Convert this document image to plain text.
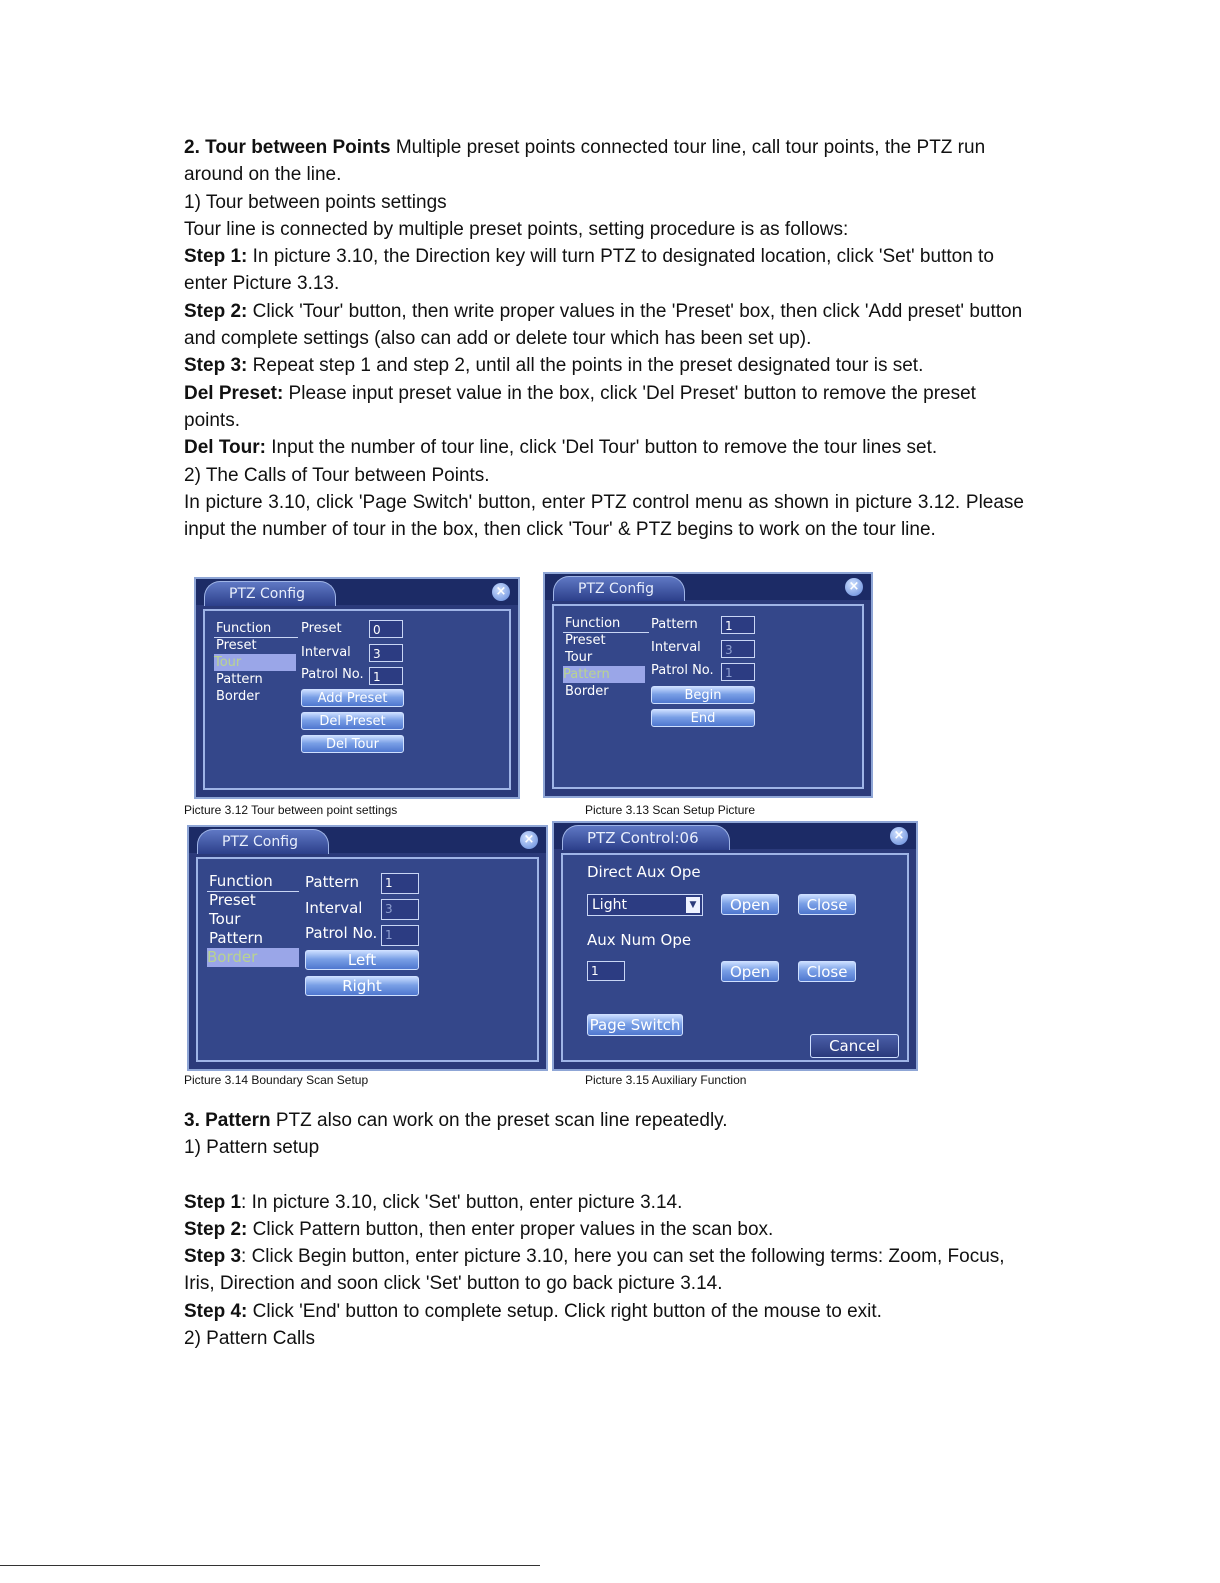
2. Tour between Points Multiple preset points connected tour line, call tour points, the PTZ run around on the line.

1) Tour between points settings

Tour line is connected by multiple preset points, setting procedure is as follows:

Step 1: In picture 3.10, the Direction key will turn PTZ to designated location, click 'Set' button to enter Picture 3.13.

Step 2: Click 'Tour' button, then write proper values in the 'Preset' box, then click 'Add preset' button and complete settings (also can add or delete tour which has been set up).

Step 3: Repeat step 1 and step 2, until all the points in the preset designated tour is set.

Del Preset: Please input preset value in the box, click 'Del Preset' button to remove the preset points.

Del Tour: Input the number of tour line, click 'Del Tour' button to remove the tour lines set.

2) The Calls of Tour between Points.

In picture 3.10, click 'Page Switch' button, enter PTZ control menu as shown in picture 3.12. Please input the number of tour in the box, then click 'Tour' & PTZ begins to work on the tour line.

PTZ Config	×
Function
Preset
Tour
Pattern
Border
Preset	0
Interval	3
Patrol No. 1
Add Preset
Del Preset
Del Tour
Picture 3.12 Tour between point settings
PTZ Config	×
Function
Preset
Tour
Pattern
Border
Pattern	1
Interval	3
Patrol No. 1
Begin
End
Picture 3.13 Scan Setup Picture
PTZ Config	×
Function
Preset
Tour
Pattern
Border
Pattern	1
Interval	3
Patrol No. 1
Left
Right
Picture 3.14 Boundary Scan Setup
PTZ Control:06	×
Direct Aux Ope
Light	▼	Open	Close
Aux Num Ope
1	Open	Close
Page Switch
Cancel
Picture 3.15 Auxiliary Function

3. Pattern PTZ also can work on the preset scan line repeatedly.

1) Pattern setup

Step 1: In picture 3.10, click 'Set' button, enter picture 3.14.

Step 2: Click Pattern button, then enter proper values in the scan box.

Step 3: Click Begin button, enter picture 3.10, here you can set the following terms: Zoom, Focus, Iris, Direction and soon click 'Set' button to go back picture 3.14.

Step 4: Click 'End' button to complete setup. Click right button of the mouse to exit.

2) Pattern Calls
